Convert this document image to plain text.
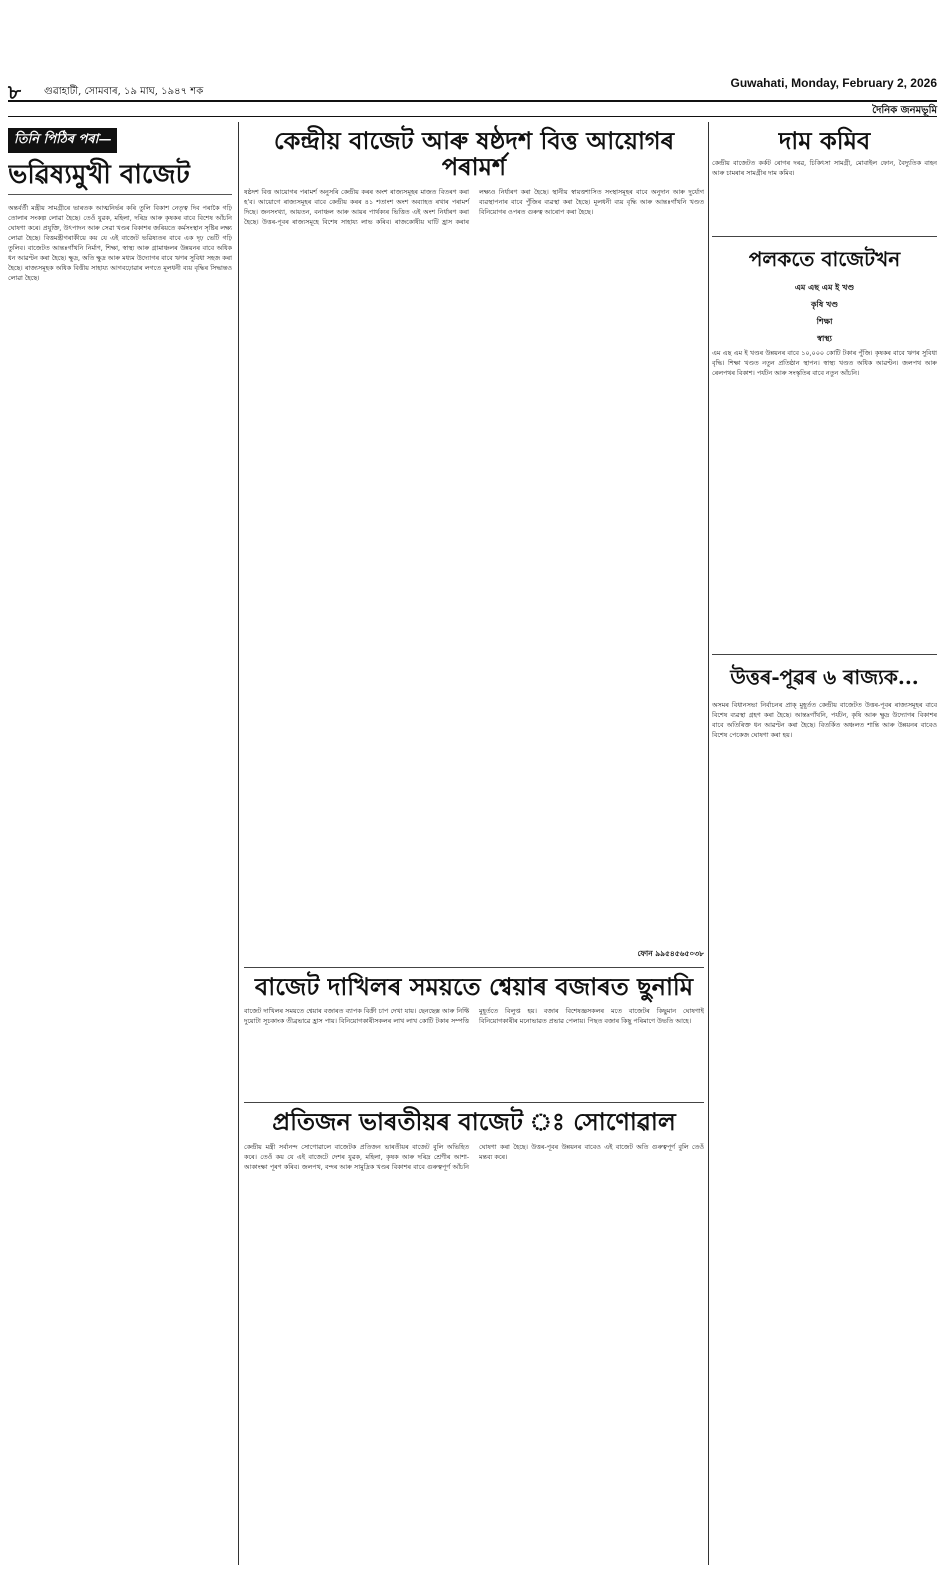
৮ গুৱাহাটী, সোমবাৰ, ১৯ মাঘ, ১৯৪৭ শক
Guwahati, Monday, February 2, 2026
দৈনিক জনমভূমি
তিনি পিঠিৰ পৰা—
ভৱিষ্যমুখী বাজেট
অন্তৰ্বৰ্তী মন্ত্ৰীয় সামগ্ৰীৰে ভাৰতক আত্মনিৰ্ভৰ কৰি তুলি বিকাশ নেতৃত্ব দিব পৰাকৈ গঢ়ি তোলাৰ সংকল্প লোৱা হৈছে। তেওঁ যুৱক, মহিলা, দৰিদ্ৰ আৰু কৃষকৰ বাবে বিশেষ আঁচনি ঘোষণা কৰে। প্ৰযুক্তি, উৎপাদন আৰু সেৱা খণ্ডৰ বিকাশৰ জৰিয়তে কৰ্মসংস্থান সৃষ্টিৰ লক্ষ্য লোৱা হৈছে। বিত্তমন্ত্ৰীগৰাকীয়ে কয় যে এই বাজেট ভৱিষ্যতৰ বাবে এক দৃঢ় ভেটি গঢ়ি তুলিব। বাজেটত আন্তঃগাঁথনি নিৰ্মাণ, শিক্ষা, স্বাস্থ্য আৰু গ্ৰামাঞ্চলৰ উন্নয়নৰ বাবে অধিক ধন আৱণ্টন কৰা হৈছে। ক্ষুদ্ৰ, অতি ক্ষুদ্ৰ আৰু মধ্যম উদ্যোগৰ বাবে ঋণৰ সুবিধা সহজ কৰা হৈছে। ৰাজ্যসমূহক অধিক বিত্তীয় সাহায্য আগবঢ়োৱাৰ লগতে মূলধনী ব্যয় বৃদ্ধিৰ সিদ্ধান্তও লোৱা হৈছে।
কেন্দ্ৰীয় বাজেট আৰু ষষ্ঠদশ বিত্ত আয়োগৰ পৰামৰ্শ
ষষ্ঠদশ বিত্ত আয়োগৰ পৰামৰ্শ অনুসৰি কেন্দ্ৰীয় কৰৰ অংশ ৰাজ্যসমূহৰ মাজত বিতৰণ কৰা হ'ব। আয়োগে ৰাজ্যসমূহৰ বাবে কেন্দ্ৰীয় কৰৰ ৪১ শতাংশ অংশ অব্যাহত ৰখাৰ পৰামৰ্শ দিছে। জনসংখ্যা, আয়তন, বনাঞ্চল আৰু আয়ৰ পাৰ্থক্যৰ ভিত্তিত এই অংশ নিৰ্ধাৰণ কৰা হৈছে। উত্তৰ-পূবৰ ৰাজ্যসমূহে বিশেষ সাহায্য লাভ কৰিব। ৰাজকোষীয় ঘাটি হ্ৰাস কৰাৰ লক্ষ্যও নিৰ্ধাৰণ কৰা হৈছে। স্থানীয় স্বায়ত্তশাসিত সংস্থাসমূহৰ বাবে অনুদান আৰু দুৰ্যোগ ব্যৱস্থাপনাৰ বাবে পুঁজিৰ ব্যৱস্থা কৰা হৈছে। মূলধনী ব্যয় বৃদ্ধি আৰু আন্তঃগাঁথনি খণ্ডত বিনিয়োগৰ ওপৰত গুৰুত্ব আৰোপ কৰা হৈছে।
ফোন ৯৯৫৪৫৬৫০৩৮
বাজেট দাখিলৰ সময়তে শ্বেয়াৰ বজাৰত ছুনামি
বাজেট দাখিলৰ সময়তে শ্বেয়াৰ বজাৰত ব্যাপক বিক্ৰী চাপ দেখা যায়। ছেনছেক্স আৰু নিফ্টি দুয়োটা সূচকাংক তীব্ৰভাৱে হ্ৰাস পায়। বিনিয়োগকাৰীসকলৰ লাখ লাখ কোটি টকাৰ সম্পত্তি মুহূৰ্ততে বিলুপ্ত হয়। বজাৰ বিশেষজ্ঞসকলৰ মতে বাজেটৰ কিছুমান ঘোষণাই বিনিয়োগকাৰীৰ মনোভাৱত প্ৰভাৱ পেলায়। পিছত বজাৰ কিছু পৰিমাণে উভতি আহে।
প্ৰতিজন ভাৰতীয়ৰ বাজেট ঃ সোণোৱাল
কেন্দ্ৰীয় মন্ত্ৰী সৰ্বানন্দ সোণোৱালে বাজেটক প্ৰতিজন ভাৰতীয়ৰ বাজেট বুলি অভিহিত কৰে। তেওঁ কয় যে এই বাজেটে দেশৰ যুৱক, মহিলা, কৃষক আৰু দৰিদ্ৰ শ্ৰেণীৰ আশা-আকাংক্ষা পূৰণ কৰিব। জলপথ, বন্দৰ আৰু সামুদ্ৰিক খণ্ডৰ বিকাশৰ বাবে গুৰুত্বপূৰ্ণ আঁচনি ঘোষণা কৰা হৈছে। উত্তৰ-পূবৰ উন্নয়নৰ বাবেও এই বাজেট অতি গুৰুত্বপূৰ্ণ বুলি তেওঁ মন্তব্য কৰে।
দাম কমিব
কেন্দ্ৰীয় বাজেটত কৰ্কট ৰোগৰ দৰৱ, চিকিৎসা সামগ্ৰী, মোবাইল ফোন, বৈদ্যুতিক বাহন আৰু চামৰাৰ সামগ্ৰীৰ দাম কমিব।
পলকতে বাজেটখন
এম এছ এম ই খণ্ড
কৃষি খণ্ড
শিক্ষা
স্বাস্থ্য
এম এছ এম ই খণ্ডৰ উন্নয়নৰ বাবে ১০,০০০ কোটি টকাৰ পুঁজি। কৃষকৰ বাবে ঋণৰ সুবিধা বৃদ্ধি। শিক্ষা খণ্ডত নতুন প্ৰতিষ্ঠান স্থাপন। স্বাস্থ্য খণ্ডত অধিক আৱণ্টন। জলপথ আৰু ৰেলপথৰ বিকাশ। পৰ্যটন আৰু সংস্কৃতিৰ বাবে নতুন আঁচনি।
উত্তৰ-পূৱৰ ৬ ৰাজ্যক...
অসমৰ বিধানসভা নিৰ্বাচনৰ প্ৰাক্ মুহূৰ্তত কেন্দ্ৰীয় বাজেটত উত্তৰ-পূবৰ ৰাজ্যসমূহৰ বাবে বিশেষ ব্যৱস্থা গ্ৰহণ কৰা হৈছে। আন্তঃগাঁথনি, পৰ্যটন, কৃষি আৰু ক্ষুদ্ৰ উদ্যোগৰ বিকাশৰ বাবে অতিৰিক্ত ধন আৱণ্টন কৰা হৈছে। বিতৰ্কিত অঞ্চলত শান্তি আৰু উন্নয়নৰ বাবেও বিশেষ পেকেজ ঘোষণা কৰা হয়।
